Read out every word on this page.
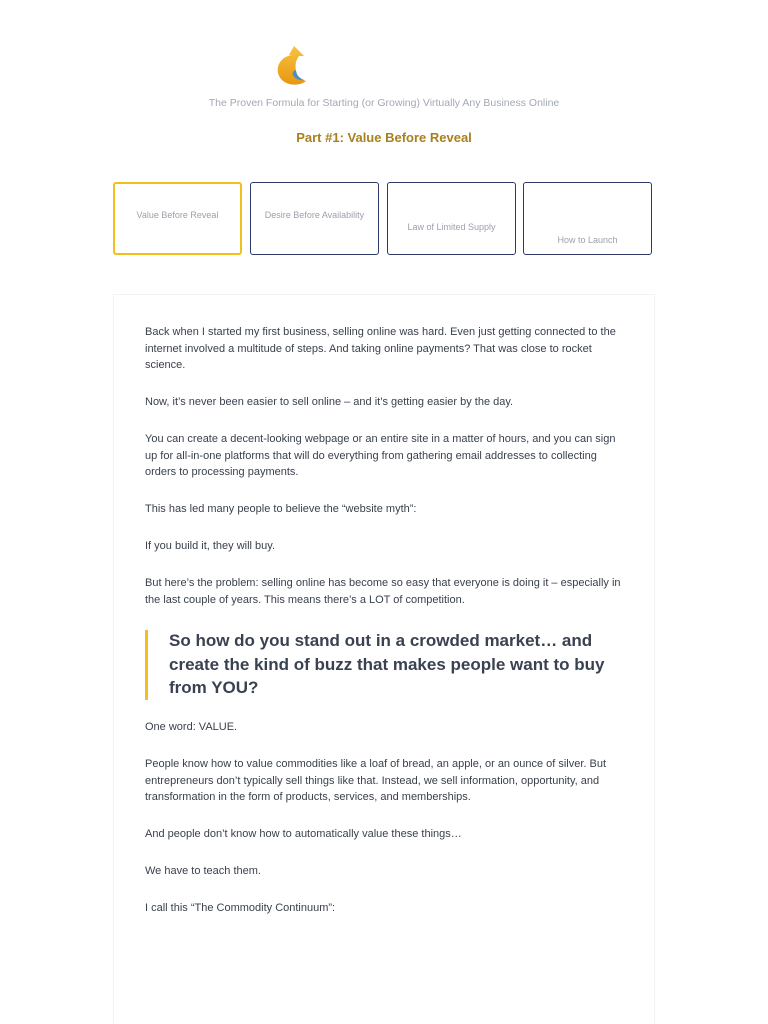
The Proven Formula for Starting (or Growing) Virtually Any Business Online
Part #1: Value Before Reveal
Value Before Reveal	Desire Before Availability
Law of Limited Supply
How to Launch

Back when I started my first business, selling online was hard. Even just getting connected to the internet involved a multitude of steps. And taking online payments? That was close to rocket science.

Now, it’s never been easier to sell online – and it’s getting easier by the day.

You can create a decent-looking webpage or an entire site in a matter of hours, and you can sign up for all-in-one platforms that will do everything from gathering email addresses to collecting orders to processing payments.

This has led many people to believe the “website myth”:

If you build it, they will buy.

But here’s the problem: selling online has become so easy that everyone is doing it – especially in the last couple of years. This means there’s a LOT of competition.

So how do you stand out in a crowded market… and create the kind of buzz that makes people want to buy from YOU?

One word: VALUE.

People know how to value commodities like a loaf of bread, an apple, or an ounce of silver. But entrepreneurs don’t typically sell things like that. Instead, we sell information, opportunity, and transformation in the form of products, services, and memberships.

And people don’t know how to automatically value these things…

We have to teach them.

I call this “The Commodity Continuum”:
